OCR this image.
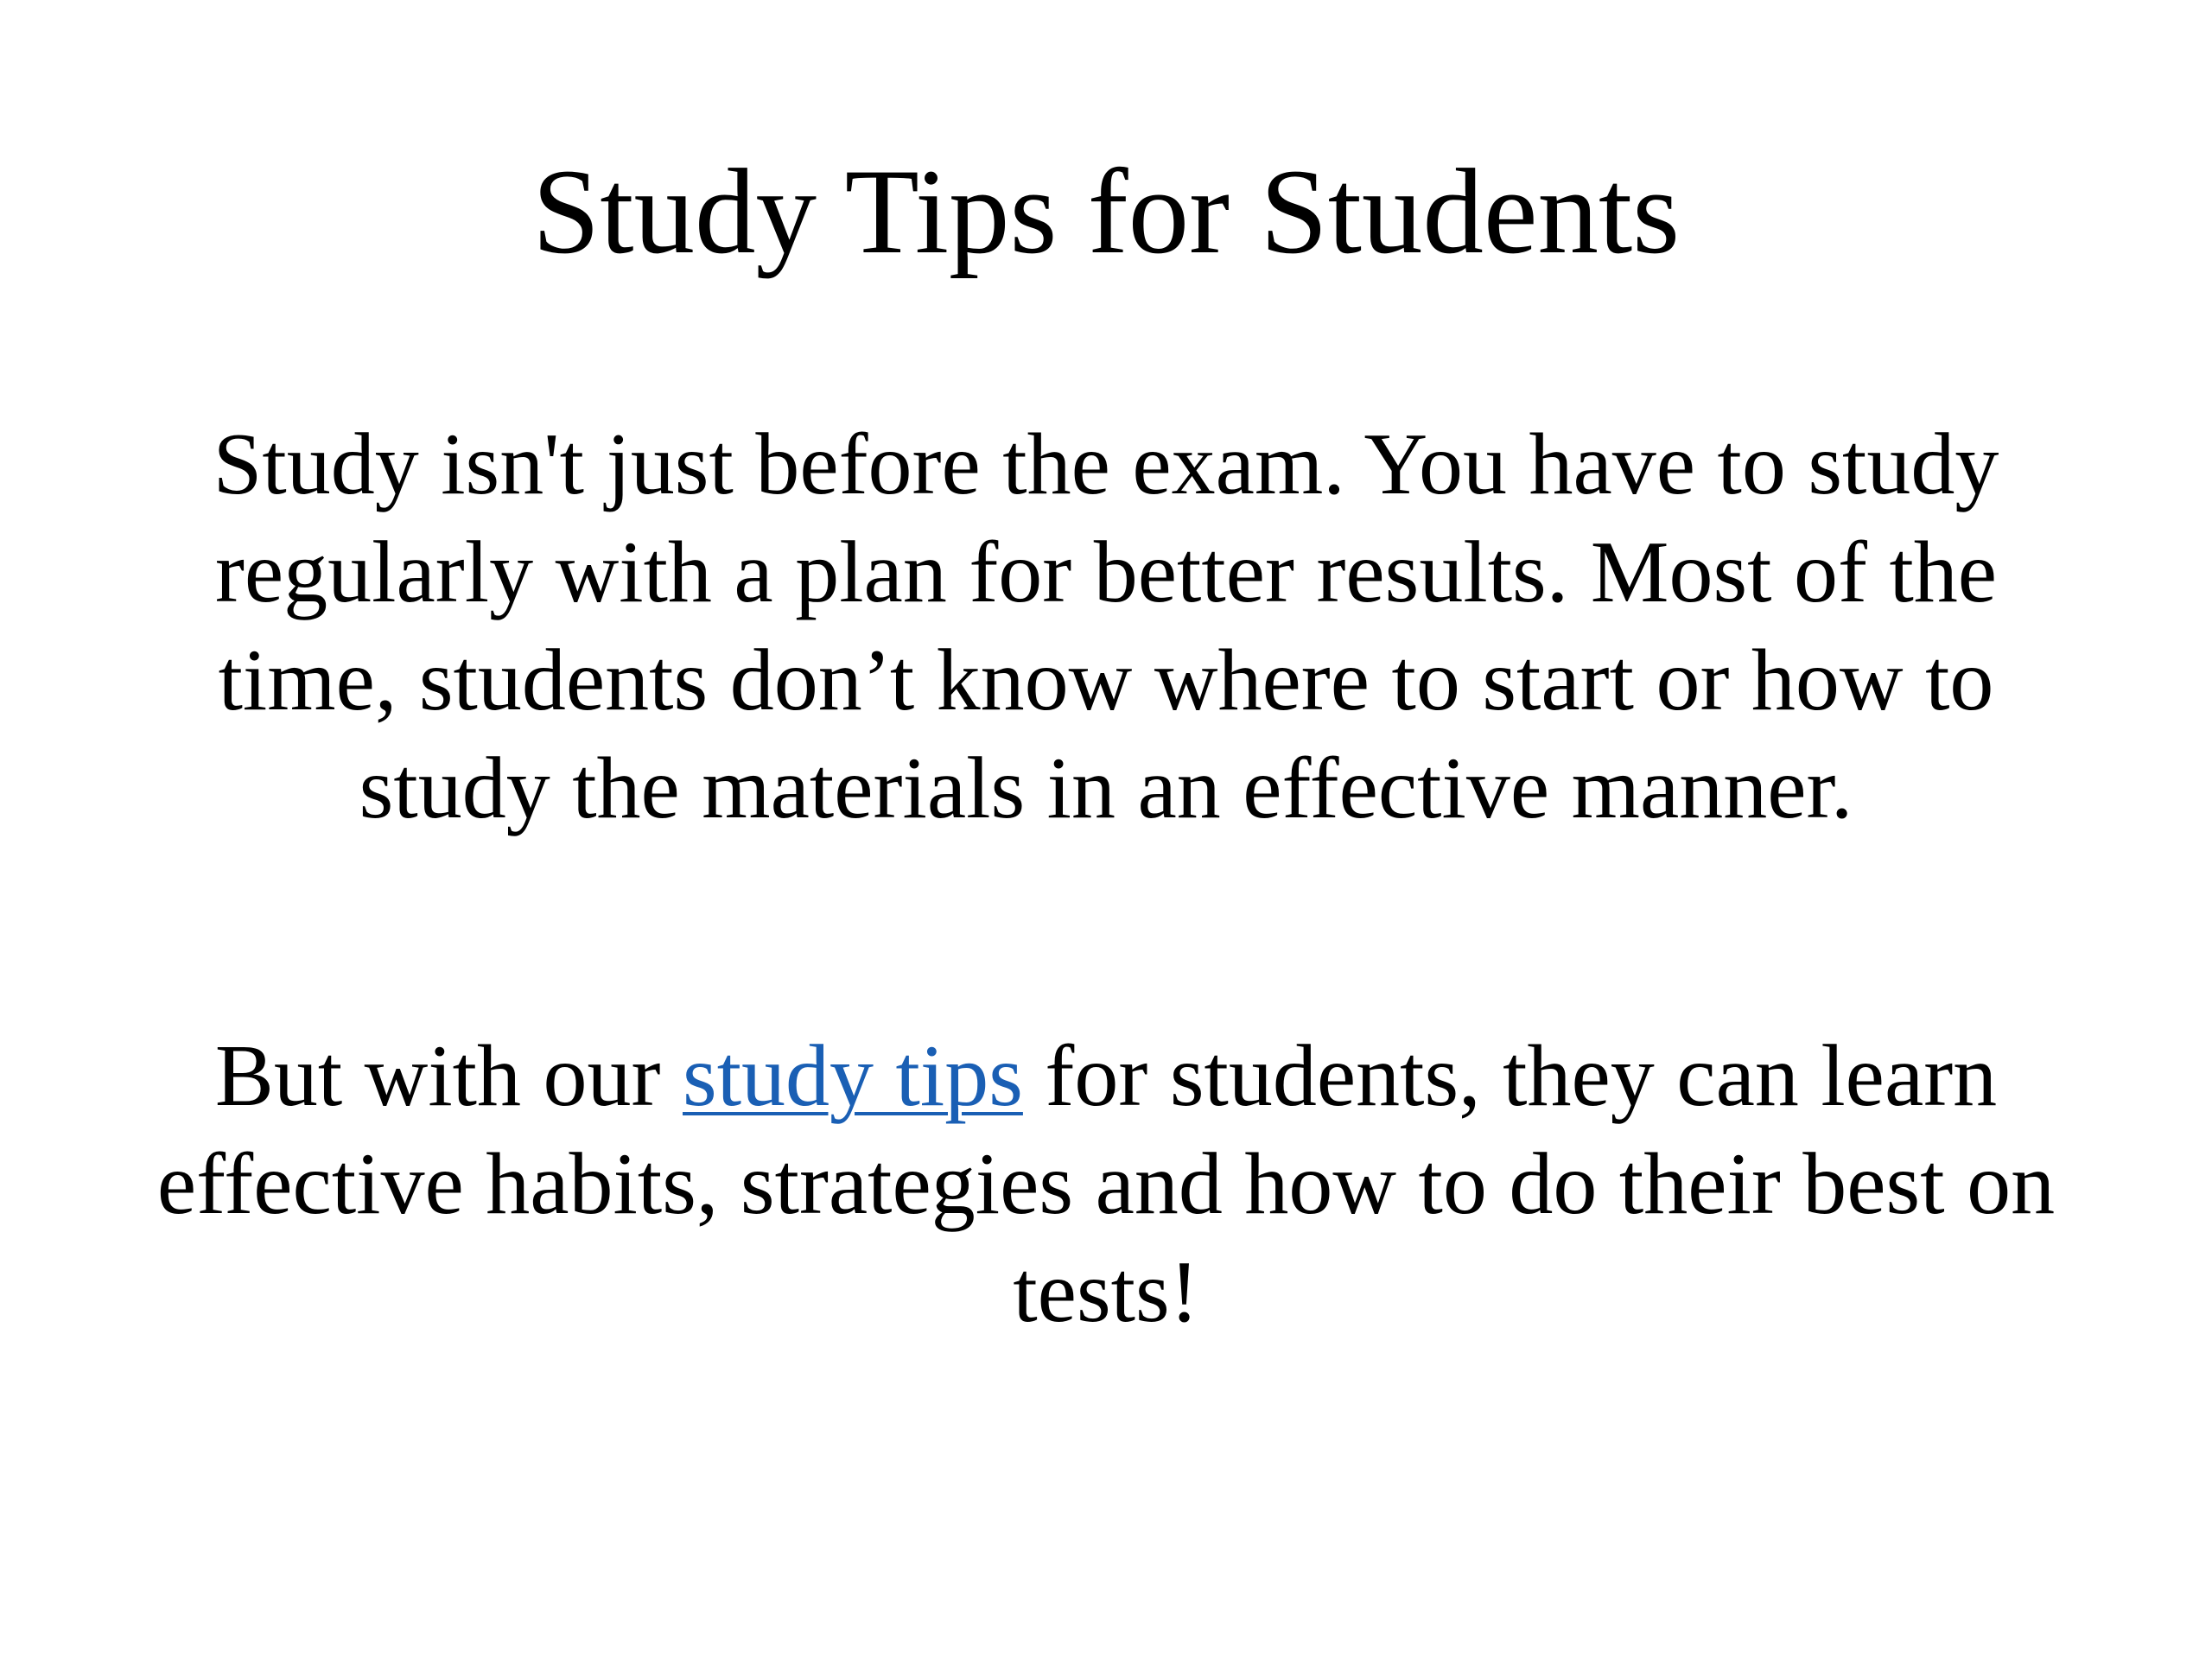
Study Tips for Students

Study isn't just before the exam. You have to study regularly with a plan for better results. Most of the time, students don’t know where to start or how to study the materials in an effective manner.

But with our study tips for students, they can learn effective habits, strategies and how to do their best on tests!
